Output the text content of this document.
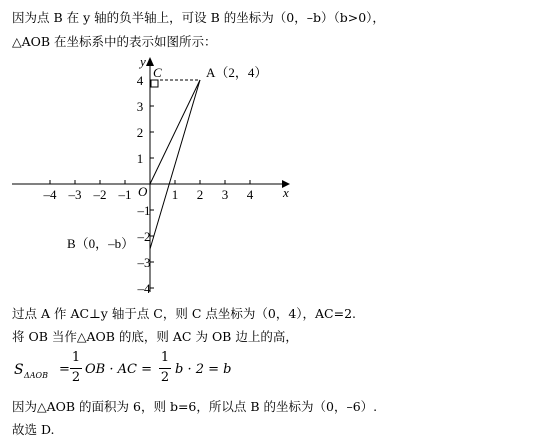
因为点 B 在 y 轴的负半轴上，可设 B 的坐标为（0，–b）（b>0），
△AOB 在坐标系中的表示如图所示：
–4 –3 –2 –1	1 2 3 4
1
2
3
4
–1
–2
–3
–4
x
y
O
C	A（2，4）
B（0，–b）
过点 A 作 AC⊥y 轴于点 C，则 C 点坐标为（0，4），AC=2.
将 OB 当作△AOB 的底，则 AC 为 OB 边上的高，
S ΔAOB =
1
2
OB · AC =
1
2
b · 2 = b
因为△AOB 的面积为 6，则 b=6，所以点 B 的坐标为（0，–6）.
故选 D.
